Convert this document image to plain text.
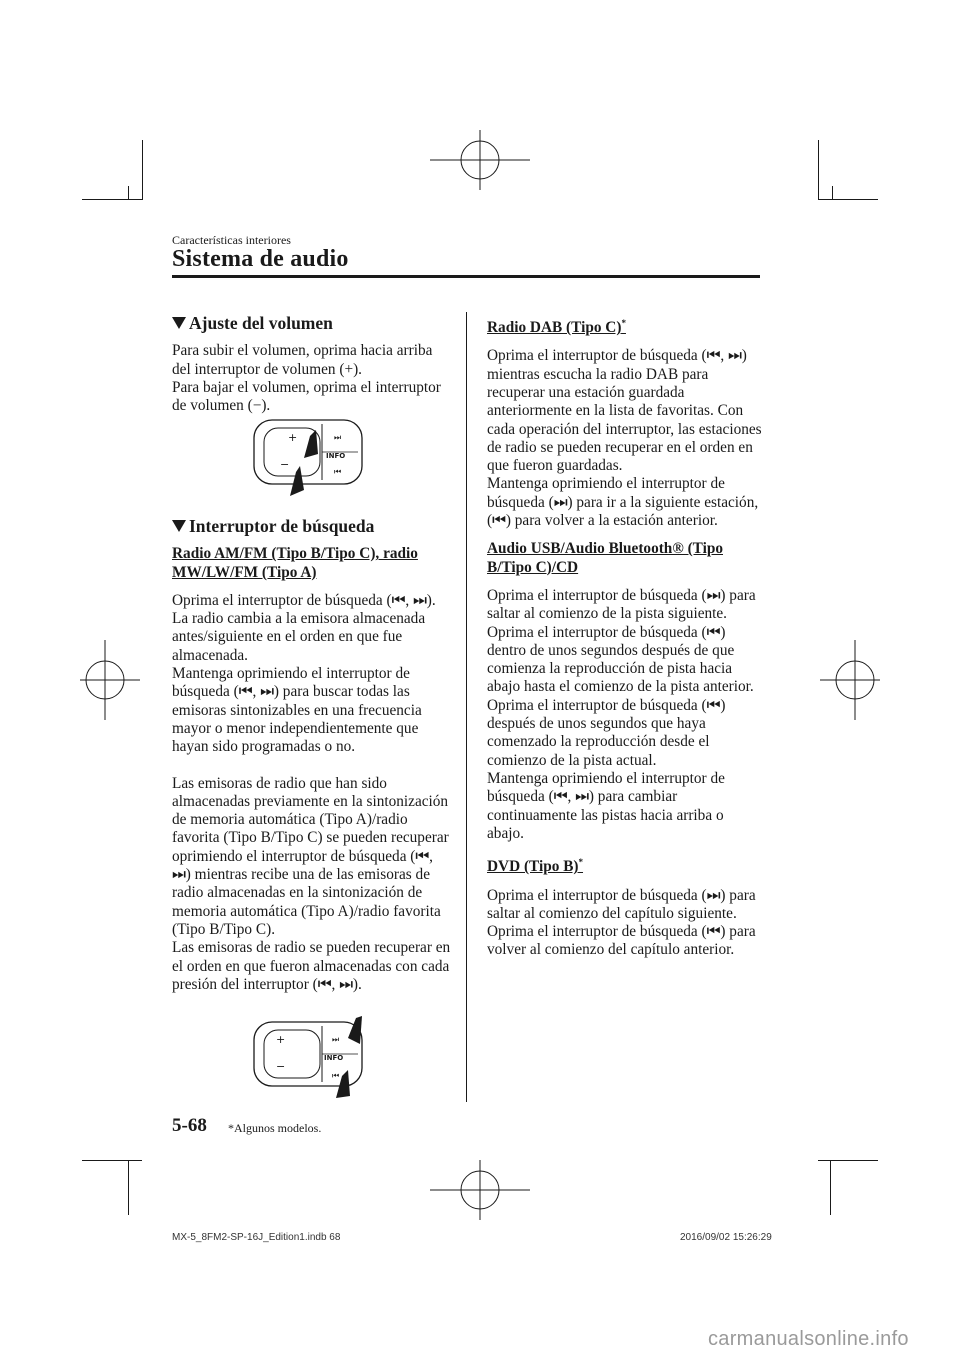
Características interiores
Sistema de audio
Ajuste del volumen

Para subir el volumen, oprima hacia arriba del interruptor de volumen (+).
Para bajar el volumen, oprima el interruptor de volumen (−).

+
−
INFO
⏭
⏮
Interruptor de búsqueda

Radio AM/FM (Tipo B/Tipo C), radio MW/LW/FM (Tipo A)

Oprima el interruptor de búsqueda (⏮, ⏭). La radio cambia a la emisora almacenada antes/siguiente en el orden en que fue almacenada.
Mantenga oprimiendo el interruptor de búsqueda (⏮, ⏭) para buscar todas las emisoras sintonizables en una frecuencia mayor o menor independientemente que hayan sido programadas o no.

Las emisoras de radio que han sido almacenadas previamente en la sintonización de memoria automática (Tipo A)/radio favorita (Tipo B/Tipo C) se pueden recuperar oprimiendo el interruptor de búsqueda (⏮, ⏭) mientras recibe una de las emisoras de radio almacenadas en la sintonización de memoria automática (Tipo A)/radio favorita (Tipo B/Tipo C).
Las emisoras de radio se pueden recuperar en el orden en que fueron almacenadas con cada presión del interruptor (⏮, ⏭).

+
−
INFO
⏭
⏮

Radio DAB (Tipo C)*

Oprima el interruptor de búsqueda (⏮, ⏭) mientras escucha la radio DAB para recuperar una estación guardada anteriormente en la lista de favoritas. Con cada operación del interruptor, las estaciones de radio se pueden recuperar en el orden en que fueron guardadas.
Mantenga oprimiendo el interruptor de búsqueda (⏭) para ir a la siguiente estación, (⏮) para volver a la estación anterior.

Audio USB/Audio Bluetooth® (Tipo B/Tipo C)/CD

Oprima el interruptor de búsqueda (⏭) para saltar al comienzo de la pista siguiente.
Oprima el interruptor de búsqueda (⏮) dentro de unos segundos después de que comienza la reproducción de pista hacia abajo hasta el comienzo de la pista anterior.
Oprima el interruptor de búsqueda (⏮) después de unos segundos que haya comenzado la reproducción desde el comienzo de la pista actual.
Mantenga oprimiendo el interruptor de búsqueda (⏮, ⏭) para cambiar continuamente las pistas hacia arriba o abajo.

DVD (Tipo B)*

Oprima el interruptor de búsqueda (⏭) para saltar al comienzo del capítulo siguiente.
Oprima el interruptor de búsqueda (⏮) para volver al comienzo del capítulo anterior.

5-68 *Algunos modelos.
MX-5_8FM2-SP-16J_Edition1.indb 68	2016/09/02 15:26:29
carmanualsonline.info
